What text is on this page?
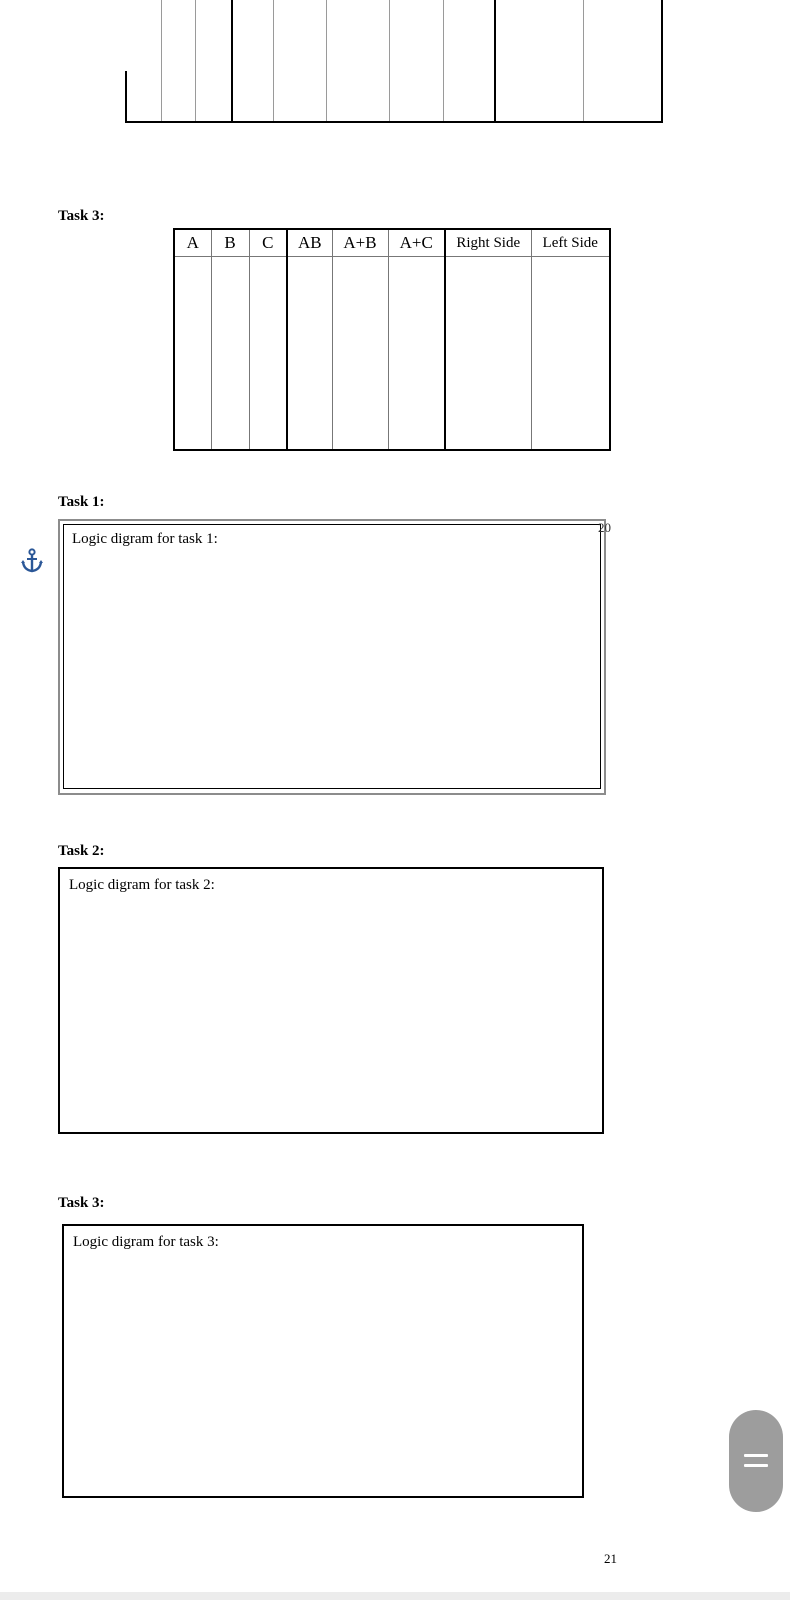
Task 3:
A	B	C	AB	A+B	A+C	Right Side	Left Side

Task 1:
Logic digram for task 1:
20
Task 2:
Logic digram for task 2:
Task 3:
Logic digram for task 3:
21
